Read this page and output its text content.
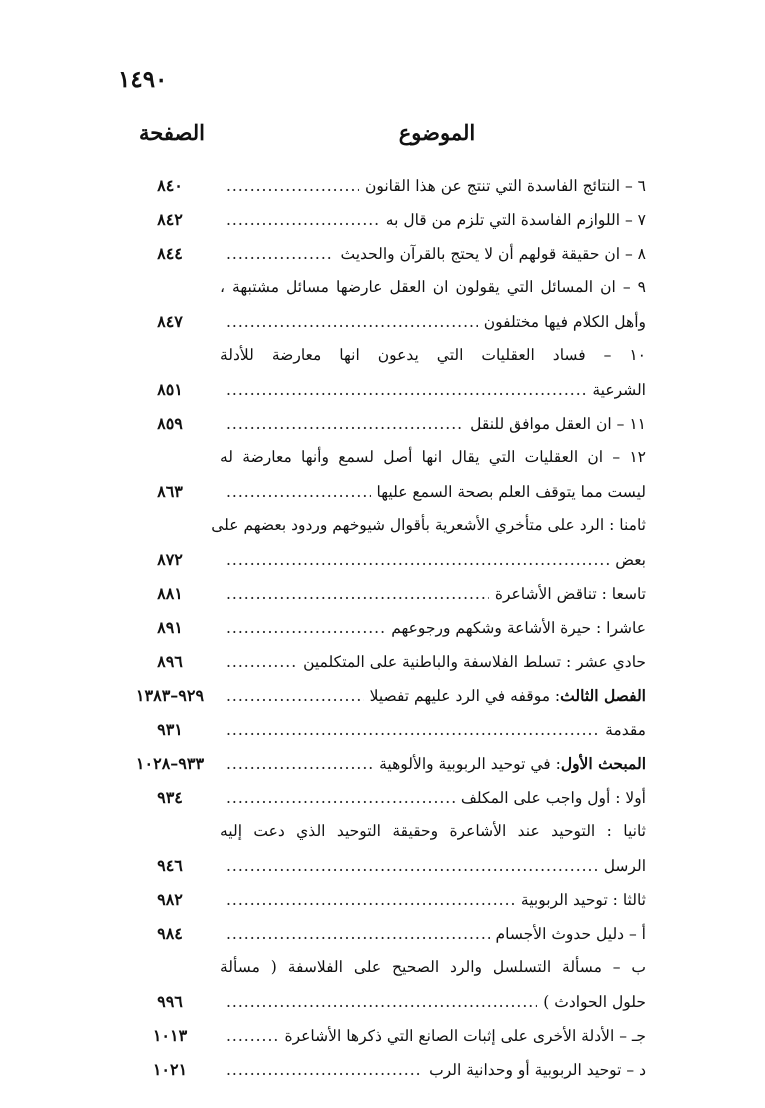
١٤٩٠
الموضوع
الصفحة
٦ – النتائج الفاسدة التي تنتج عن هذا القانون
.....
٨٤٠
٧ – اللوازم الفاسدة التي تلزم من قال به
.....
٨٤٢
٨ – ان حقيقة قولهم أن لا يحتج بالقرآن والحديث
.....
٨٤٤
٩ – ان المسائل التي يقولون ان العقل عارضها مسائل مشتبهة ،
وأهل الكلام فيها مختلفون
.....
٨٤٧
١٠ – فساد العقليات التي يدعون انها معارضة للأدلة
الشرعية
.....
٨٥١
١١ – ان العقل موافق للنقل
.....
٨٥٩
١٢ – ان العقليات التي يقال انها أصل لسمع وأنها معارضة له
ليست مما يتوقف العلم بصحة السمع عليها
.....
٨٦٣
ثامنا : الرد على متأخري الأشعرية بأقوال شيوخهم وردود بعضهم على
بعض
.....
٨٧٢
تاسعا : تناقض الأشاعرة
.....
٨٨١
عاشرا : حيرة الأشاعة وشكهم ورجوعهم
.....
٨٩١
حادي عشر : تسلط الفلاسفة والباطنية على المتكلمين
.....
٨٩٦
الفصل الثالث
: موقفه في الرد عليهم تفصيلا
.....
٩٢٩–١٣٨٣
مقدمة
.....
٩٣١
المبحث الأول
: في توحيد الربوبية والألوهية
.....
٩٣٣–١٠٢٨
أولا : أول واجب على المكلف
.....
٩٣٤
ثانيا : التوحيد عند الأشاعرة وحقيقة التوحيد الذي دعت إليه
الرسل
.....
٩٤٦
ثالثا : توحيد الربوبية
.....
٩٨٢
أ – دليل حدوث الأجسام
.....
٩٨٤
ب – مسألة التسلسل والرد الصحيح على الفلاسفة ( مسألة
حلول الحوادث )
.....
٩٩٦
جـ – الأدلة الأخرى على إثبات الصانع التي ذكرها الأشاعرة
.....
١٠١٣
د – توحيد الربوبية أو وحدانية الرب
.....
١٠٢١
